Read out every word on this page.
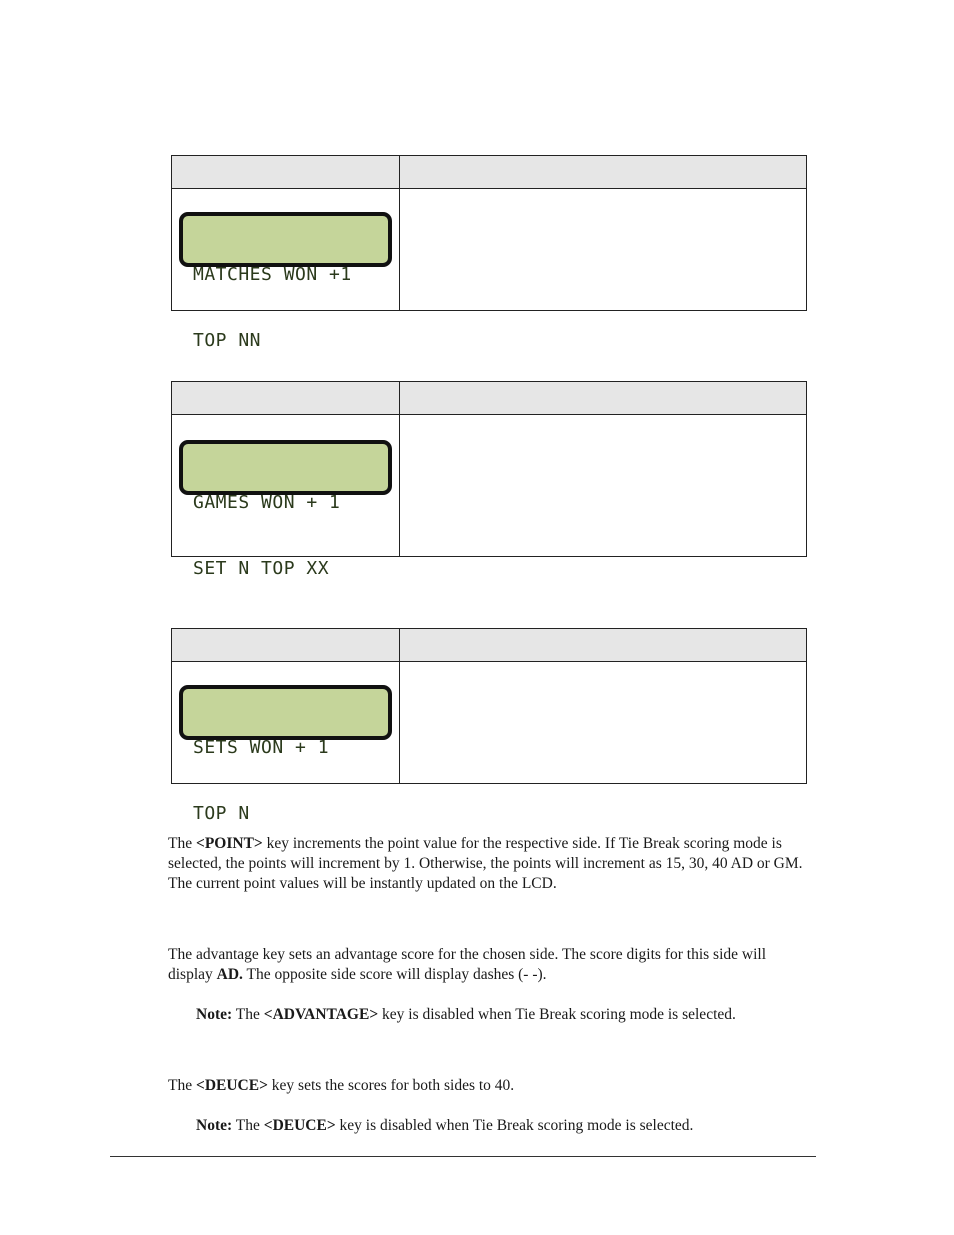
MATCHES WON +1

TOP NN

GAMES WON + 1

SET N TOP XX

SETS WON + 1

TOP N

The <POINT> key increments the point value for the respective side. If Tie Break scoring mode is selected, the points will increment by 1. Otherwise, the points will increment as 15, 30, 40 AD or GM. The current point values will be instantly updated on the LCD.

The advantage key sets an advantage score for the chosen side. The score digits for this side will display AD. The opposite side score will display dashes (- -).

Note: The <ADVANTAGE> key is disabled when Tie Break scoring mode is selected.

The <DEUCE> key sets the scores for both sides to 40.

Note: The <DEUCE> key is disabled when Tie Break scoring mode is selected.
